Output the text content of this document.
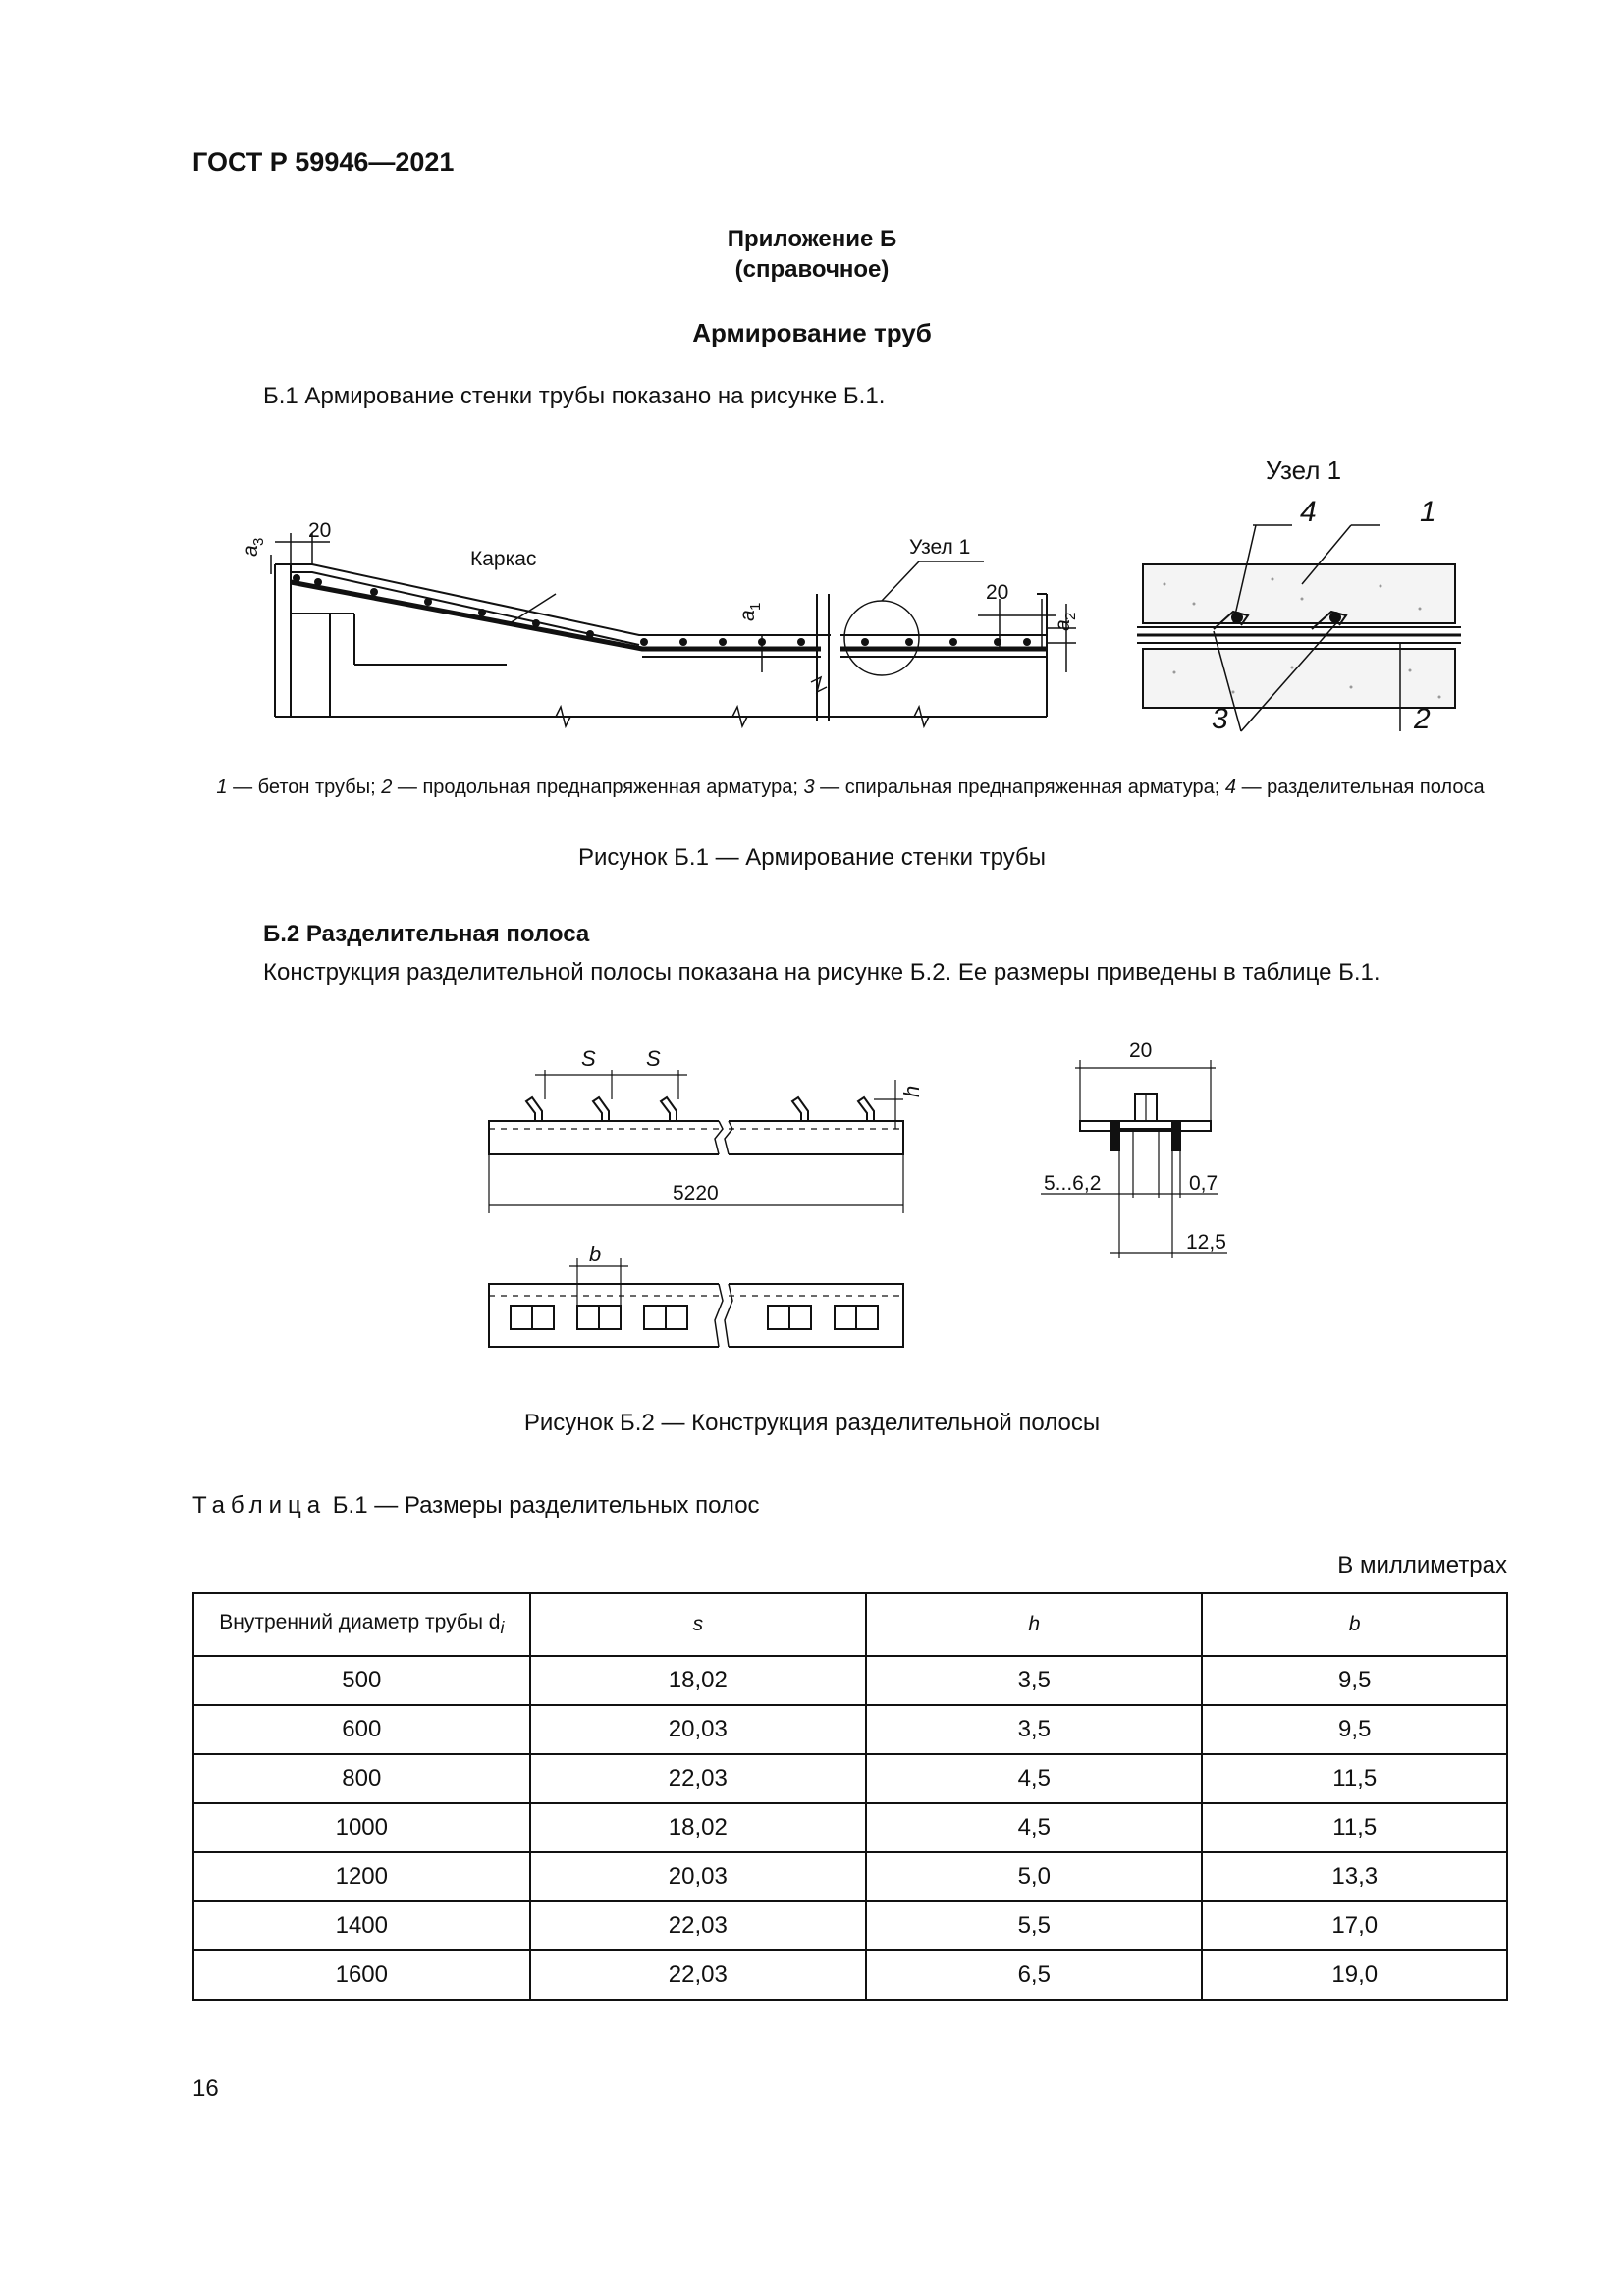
ГОСТ Р 59946—2021
Приложение Б
(справочное)
Армирование труб
Б.1 Армирование стенки трубы показано на рисунке Б.1.
20
20
Каркас
Узел 1
a
3
a
1
a
2
Узел 1
4	1
3	2
1 — бетон трубы; 2 — продольная преднапряженная арматура; 3 — спиральная преднапряженная арматура; 4 — разделительная полоса
Рисунок Б.1 — Армирование стенки трубы
Б.2 Разделительная полоса
Конструкция разделительной полосы показана на рисунке Б.2. Ее размеры приведены в таблице Б.1.
S S
h
5220
b
20
5...6,2	0,7
12,5
Рисунок Б.2 — Конструкция разделительной полосы
Таблица Б.1 — Размеры разделительных полос
В миллиметрах
Внутренний диаметр трубы $d_i$	s	h	b
500	18,02	3,5	9,5
600	20,03	3,5	9,5
800	22,03	4,5	11,5
1000	18,02	4,5	11,5
1200	20,03	5,0	13,3
1400	22,03	5,5	17,0
1600	22,03	6,5	19,0
16
